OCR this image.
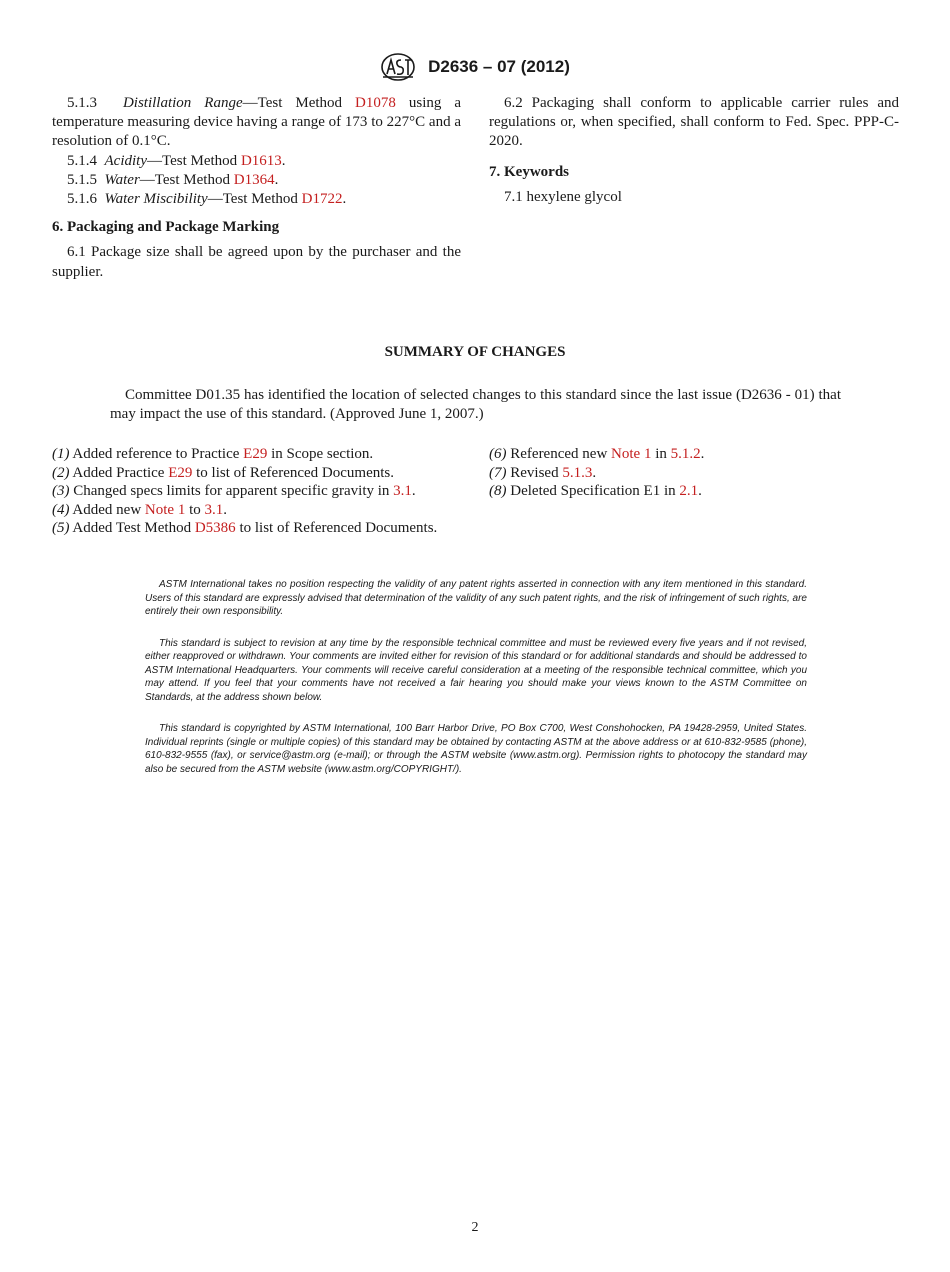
D2636 – 07 (2012)

5.1.3 Distillation Range—Test Method D1078 using a temperature measuring device having a range of 173 to 227°C and a resolution of 0.1°C.

5.1.4 Acidity—Test Method D1613.

5.1.5 Water—Test Method D1364.

5.1.6 Water Miscibility—Test Method D1722.

6. Packaging and Package Marking

6.1 Package size shall be agreed upon by the purchaser and the supplier.

6.2 Packaging shall conform to applicable carrier rules and regulations or, when specified, shall conform to Fed. Spec. PPP-C-2020.

7. Keywords

7.1 hexylene glycol

SUMMARY OF CHANGES

Committee D01.35 has identified the location of selected changes to this standard since the last issue (D2636 - 01) that may impact the use of this standard. (Approved June 1, 2007.)

(1) Added reference to Practice E29 in Scope section.
(2) Added Practice E29 to list of Referenced Documents.
(3) Changed specs limits for apparent specific gravity in 3.1.
(4) Added new Note 1 to 3.1.
(5) Added Test Method D5386 to list of Referenced Documents.
(6) Referenced new Note 1 in 5.1.2.
(7) Revised 5.1.3.
(8) Deleted Specification E1 in 2.1.

ASTM International takes no position respecting the validity of any patent rights asserted in connection with any item mentioned in this standard. Users of this standard are expressly advised that determination of the validity of any such patent rights, and the risk of infringement of such rights, are entirely their own responsibility.

This standard is subject to revision at any time by the responsible technical committee and must be reviewed every five years and if not revised, either reapproved or withdrawn. Your comments are invited either for revision of this standard or for additional standards and should be addressed to ASTM International Headquarters. Your comments will receive careful consideration at a meeting of the responsible technical committee, which you may attend. If you feel that your comments have not received a fair hearing you should make your views known to the ASTM Committee on Standards, at the address shown below.

This standard is copyrighted by ASTM International, 100 Barr Harbor Drive, PO Box C700, West Conshohocken, PA 19428-2959, United States. Individual reprints (single or multiple copies) of this standard may be obtained by contacting ASTM at the above address or at 610-832-9585 (phone), 610-832-9555 (fax), or service@astm.org (e-mail); or through the ASTM website (www.astm.org). Permission rights to photocopy the standard may also be secured from the ASTM website (www.astm.org/COPYRIGHT/).

2
